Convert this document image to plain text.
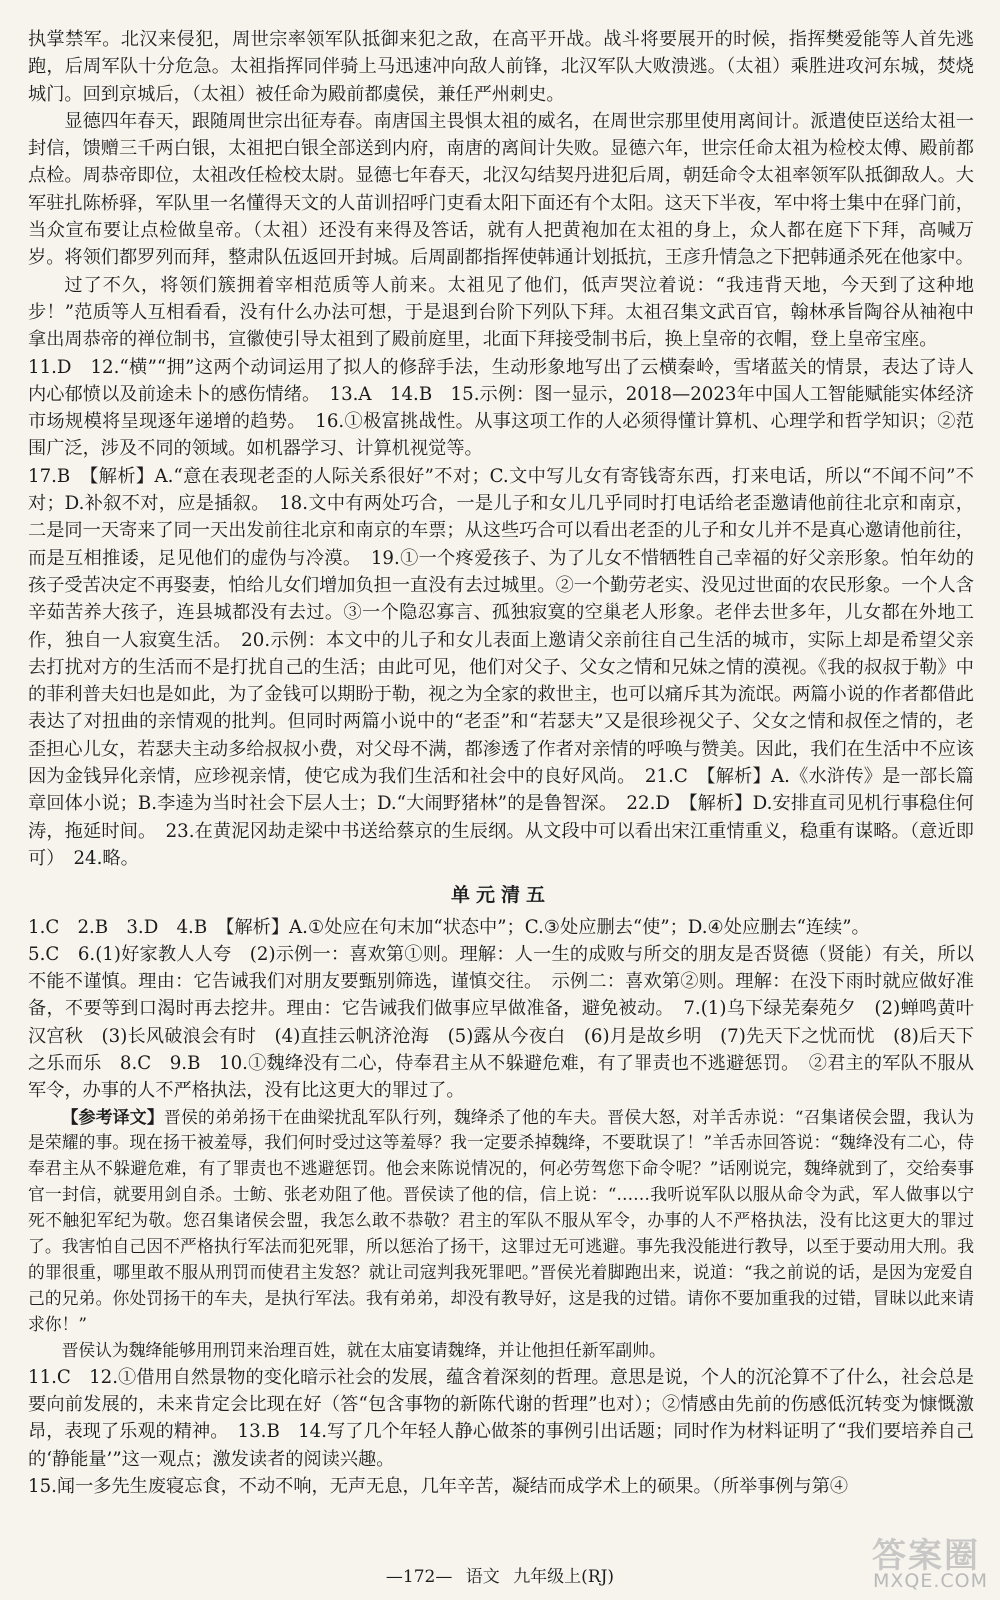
执掌禁军。北汉来侵犯，周世宗率领军队抵御来犯之敌，在高平开战。战斗将要展开的时候，指挥樊爱能等人首先逃跑，后周军队十分危急。太祖指挥同伴骑上马迅速冲向敌人前锋，北汉军队大败溃逃。（太祖）乘胜进攻河东城，焚烧城门。回到京城后，（太祖）被任命为殿前都虞侯，兼任严州刺史。

显德四年春天，跟随周世宗出征寿春。南唐国主畏惧太祖的威名，在周世宗那里使用离间计。派遣使臣送给太祖一封信，馈赠三千两白银，太祖把白银全部送到内府，南唐的离间计失败。显德六年，世宗任命太祖为检校太傅、殿前都点检。周恭帝即位，太祖改任检校太尉。显德七年春天，北汉勾结契丹进犯后周，朝廷命令太祖率领军队抵御敌人。大军驻扎陈桥驿，军队里一名懂得天文的人苗训招呼门吏看太阳下面还有个太阳。这天下半夜，军中将士集中在驿门前，当众宣布要让点检做皇帝。（太祖）还没有来得及答话，就有人把黄袍加在太祖的身上，众人都在庭下下拜，高喊万岁。将领们都罗列而拜，整肃队伍返回开封城。后周副都指挥使韩通计划抵抗，王彦升情急之下把韩通杀死在他家中。

过了不久，将领们簇拥着宰相范质等人前来。太祖见了他们，低声哭泣着说：“我违背天地，今天到了这种地步！”范质等人互相看看，没有什么办法可想，于是退到台阶下列队下拜。太祖召集文武百官，翰林承旨陶谷从袖袍中拿出周恭帝的禅位制书，宣徽使引导太祖到了殿前庭里，北面下拜接受制书后，换上皇帝的衣帽，登上皇帝宝座。

11.D　12.“横”“拥”这两个动词运用了拟人的修辞手法，生动形象地写出了云横秦岭，雪堵蓝关的情景，表达了诗人内心郁愤以及前途未卜的感伤情绪。　13.A　14.B　15.示例：图一显示，2018—2023年中国人工智能赋能实体经济市场规模将呈现逐年递增的趋势。　16.①极富挑战性。从事这项工作的人必须得懂计算机、心理学和哲学知识；②范围广泛，涉及不同的领域。如机器学习、计算机视觉等。

17.B　【解析】A.“意在表现老歪的人际关系很好”不对；C.文中写儿女有寄钱寄东西，打来电话，所以“不闻不问”不对；D.补叙不对，应是插叙。　18.文中有两处巧合，一是儿子和女儿几乎同时打电话给老歪邀请他前往北京和南京，二是同一天寄来了同一天出发前往北京和南京的车票；从这些巧合可以看出老歪的儿子和女儿并不是真心邀请他前往，而是互相推诿，足见他们的虚伪与冷漠。　19.①一个疼爱孩子、为了儿女不惜牺牲自己幸福的好父亲形象。怕年幼的孩子受苦决定不再娶妻，怕给儿女们增加负担一直没有去过城里。②一个勤劳老实、没见过世面的农民形象。一个人含辛茹苦养大孩子，连县城都没有去过。③一个隐忍寡言、孤独寂寞的空巢老人形象。老伴去世多年，儿女都在外地工作，独自一人寂寞生活。　20.示例：本文中的儿子和女儿表面上邀请父亲前往自己生活的城市，实际上却是希望父亲去打扰对方的生活而不是打扰自己的生活；由此可见，他们对父子、父女之情和兄妹之情的漠视。《我的叔叔于勒》中的菲利普夫妇也是如此，为了金钱可以期盼于勒，视之为全家的救世主，也可以痛斥其为流氓。两篇小说的作者都借此表达了对扭曲的亲情观的批判。但同时两篇小说中的“老歪”和“若瑟夫”又是很珍视父子、父女之情和叔侄之情的，老歪担心儿女，若瑟夫主动多给叔叔小费，对父母不满，都渗透了作者对亲情的呼唤与赞美。因此，我们在生活中不应该因为金钱异化亲情，应珍视亲情，使它成为我们生活和社会中的良好风尚。　21.C　【解析】A.《水浒传》是一部长篇章回体小说；B.李逵为当时社会下层人士；D.“大闹野猪林”的是鲁智深。　22.D　【解析】D.安排直司见机行事稳住何涛，拖延时间。　23.在黄泥冈劫走梁中书送给蔡京的生辰纲。从文段中可以看出宋江重情重义，稳重有谋略。（意近即可）　24.略。

单元清五

1.C　2.B　3.D　4.B　【解析】A.①处应在句末加“状态中”；C.③处应删去“使”；D.④处应删去“连续”。

5.C　6.(1)好家教人人夸　(2)示例一：喜欢第①则。理解：人一生的成败与所交的朋友是否贤德（贤能）有关，所以不能不谨慎。理由：它告诫我们对朋友要甄别筛选，谨慎交往。　示例二：喜欢第②则。理解：在没下雨时就应做好准备，不要等到口渴时再去挖井。理由：它告诫我们做事应早做准备，避免被动。　7.(1)乌下绿芜秦苑夕　(2)蝉鸣黄叶汉宫秋　(3)长风破浪会有时　(4)直挂云帆济沧海　(5)露从今夜白　(6)月是故乡明　(7)先天下之忧而忧　(8)后天下之乐而乐　8.C　9.B　10.①魏绛没有二心，侍奉君主从不躲避危难，有了罪责也不逃避惩罚。　②君主的军队不服从军令，办事的人不严格执法，没有比这更大的罪过了。

【参考译文】晋侯的弟弟扬干在曲梁扰乱军队行列，魏绛杀了他的车夫。晋侯大怒，对羊舌赤说：“召集诸侯会盟，我认为是荣耀的事。现在扬干被羞辱，我们何时受过这等羞辱？我一定要杀掉魏绛，不要耽误了！”羊舌赤回答说：“魏绛没有二心，侍奉君主从不躲避危难，有了罪责也不逃避惩罚。他会来陈说情况的，何必劳驾您下命令呢？”话刚说完，魏绛就到了，交给奏事官一封信，就要用剑自杀。士鲂、张老劝阻了他。晋侯读了他的信，信上说：“……我听说军队以服从命令为武，军人做事以宁死不触犯军纪为敬。您召集诸侯会盟，我怎么敢不恭敬？君主的军队不服从军令，办事的人不严格执法，没有比这更大的罪过了。我害怕自己因不严格执行军法而犯死罪，所以惩治了扬干，这罪过无可逃避。事先我没能进行教导，以至于要动用大刑。我的罪很重，哪里敢不服从刑罚而使君主发怒？就让司寇判我死罪吧。”晋侯光着脚跑出来，说道：“我之前说的话，是因为宠爱自己的兄弟。你处罚扬干的车夫，是执行军法。我有弟弟，却没有教导好，这是我的过错。请你不要加重我的过错，冒昧以此来请求你！”

晋侯认为魏绛能够用刑罚来治理百姓，就在太庙宴请魏绛，并让他担任新军副帅。

11.C　12.①借用自然景物的变化暗示社会的发展，蕴含着深刻的哲理。意思是说，个人的沉沦算不了什么，社会总是要向前发展的，未来肯定会比现在好（答“包含事物的新陈代谢的哲理”也对）；②情感由先前的伤感低沉转变为慷慨激昂，表现了乐观的精神。　13.B　14.写了几个年轻人静心做茶的事例引出话题；同时作为材料证明了“我们要培养自己的‘静能量’”这一观点；激发读者的阅读兴趣。

15.闻一多先生废寝忘食，不动不响，无声无息，几年辛苦，凝结而成学术上的硕果。（所举事例与第④

—172— 语文 九年级上(RJ)
答案圈
MXQE.COM
